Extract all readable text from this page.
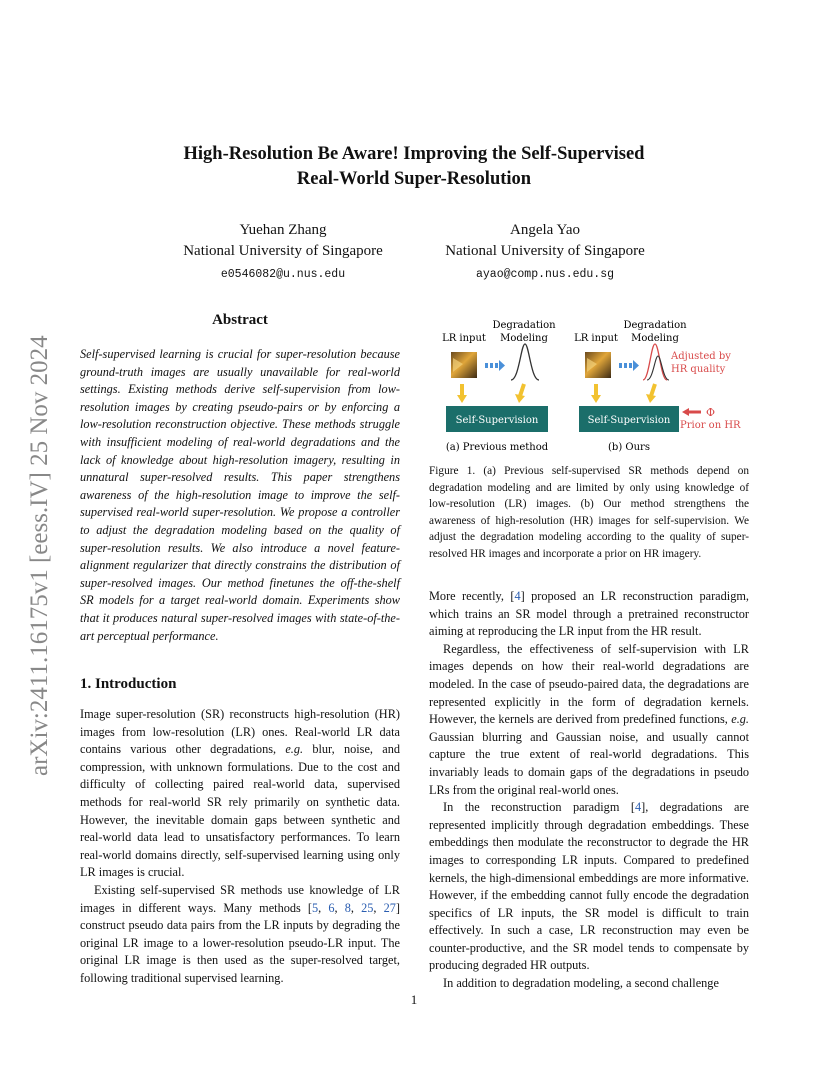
arXiv:2411.16175v1 [eess.IV] 25 Nov 2024
High-Resolution Be Aware! Improving the Self-Supervised
Real-World Super-Resolution
Yuehan Zhang
National University of Singapore
e0546082@u.nus.edu
Angela Yao
National University of Singapore
ayao@comp.nus.edu.sg
Abstract
Self-supervised learning is crucial for super-resolution because ground-truth images are usually unavailable for real-world settings. Existing methods derive self-supervision from low-resolution images by creating pseudo-pairs or by enforcing a low-resolution reconstruction objective. These methods struggle with insufficient modeling of real-world degradations and the lack of knowledge about high-resolution imagery, resulting in unnatural super-resolved results. This paper strengthens awareness of the high-resolution image to improve the self-supervised real-world super-resolution. We propose a controller to adjust the degradation modeling based on the quality of super-resolution results. We also introduce a novel feature-alignment regularizer that directly constrains the distribution of super-resolved images. Our method finetunes the off-the-shelf SR models for a target real-world domain. Experiments show that it produces natural super-resolved images with state-of-the-art perceptual performance.
1. Introduction

Image super-resolution (SR) reconstructs high-resolution (HR) images from low-resolution (LR) ones. Real-world LR data contains various other degradations, e.g. blur, noise, and compression, with unknown formulations. Due to the cost and difficulty of collecting paired real-world data, supervised methods for real-world SR rely primarily on synthetic data. However, the inevitable domain gaps between synthetic and real-world data lead to unsatisfactory performances. To learn real-world domains directly, self-supervised learning using only LR images is crucial.

Existing self-supervised SR methods use knowledge of LR images in different ways. Many methods [5, 6, 8, 25, 27] construct pseudo data pairs from the LR inputs by degrading the original LR image to a lower-resolution pseudo-LR input. The original LR image is then used as the super-resolved target, following traditional supervised learning.

LR input
Degradation
Modeling
Self-Supervision
(a) Previous method
LR input
Degradation
Modeling
Adjusted by
HR quality
Self-Supervision
Φ
Prior on HR
(b) Ours
Figure 1. (a) Previous self-supervised SR methods depend on degradation modeling and are limited by only using knowledge of low-resolution (LR) images. (b) Our method strengthens the awareness of high-resolution (HR) images for self-supervision. We adjust the degradation modeling according to the quality of super-resolved HR images and incorporate a prior on HR imagery.

More recently, [4] proposed an LR reconstruction paradigm, which trains an SR model through a pretrained reconstructor aiming at reproducing the LR input from the HR result.

Regardless, the effectiveness of self-supervision with LR images depends on how their real-world degradations are modeled. In the case of pseudo-paired data, the degradations are represented explicitly in the form of degradation kernels. However, the kernels are derived from predefined functions, e.g. Gaussian blurring and Gaussian noise, and usually cannot capture the true extent of real-world degradations. This invariably leads to domain gaps of the degradations in pseudo LRs from the original real-world ones.

In the reconstruction paradigm [4], degradations are represented implicitly through degradation embeddings. These embeddings then modulate the reconstructor to degrade the HR images to corresponding LR inputs. Compared to predefined kernels, the high-dimensional embeddings are more informative. However, if the embedding cannot fully encode the degradation specifics of LR inputs, the SR model is difficult to train effectively. In such a case, LR reconstruction may even be counter-productive, and the SR model tends to compensate by producing degraded HR outputs.

In addition to degradation modeling, a second challenge

1
